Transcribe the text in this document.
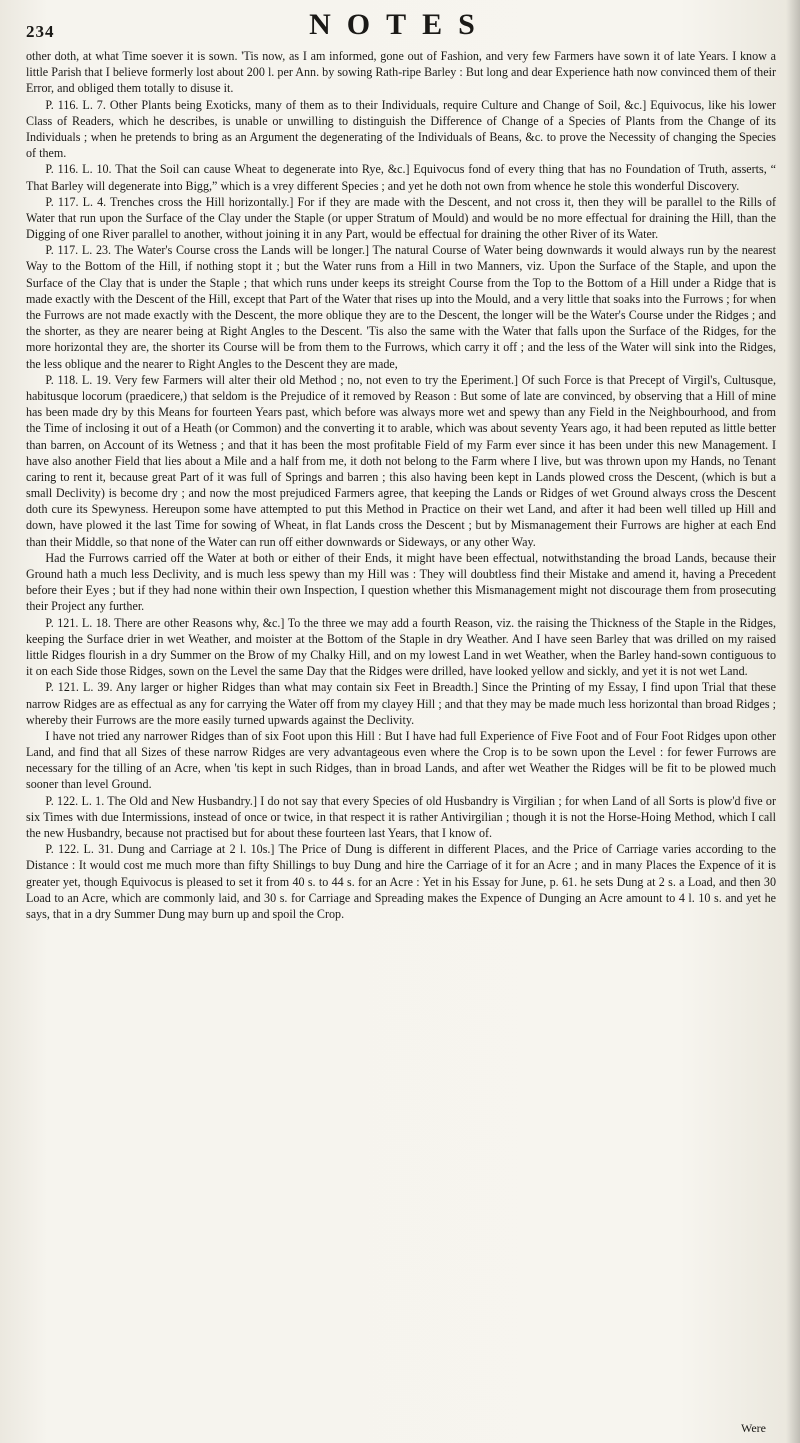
234	NOTES

other doth, at what Time soever it is sown. 'Tis now, as I am informed, gone out of Fashion, and very few Farmers have sown it of late Years. I know a little Parish that I believe formerly lost about 200 l. per Ann. by sowing Rath-ripe Barley : But long and dear Experience hath now convinced them of their Error, and obliged them totally to disuse it.

P. 116. L. 7. Other Plants being Exoticks, many of them as to their Individuals, require Culture and Change of Soil, &c.] Equivocus, like his lower Class of Readers, which he describes, is unable or unwilling to distinguish the Difference of Change of a Species of Plants from the Change of its Individuals ; when he pretends to bring as an Argument the degenerating of the Individuals of Beans, &c. to prove the Necessity of changing the Species of them.

P. 116. L. 10. That the Soil can cause Wheat to degenerate into Rye, &c.] Equivocus fond of every thing that has no Foundation of Truth, asserts, “ That Barley will degenerate into Bigg,” which is a vrey different Species ; and yet he doth not own from whence he stole this wonderful Discovery.

P. 117. L. 4. Trenches cross the Hill horizontally.] For if they are made with the Descent, and not cross it, then they will be parallel to the Rills of Water that run upon the Surface of the Clay under the Staple (or upper Stratum of Mould) and would be no more effectual for draining the Hill, than the Digging of one River parallel to another, without joining it in any Part, would be effectual for draining the other River of its Water.

P. 117. L. 23. The Water's Course cross the Lands will be longer.] The natural Course of Water being downwards it would always run by the nearest Way to the Bottom of the Hill, if nothing stopt it ; but the Water runs from a Hill in two Manners, viz. Upon the Surface of the Staple, and upon the Surface of the Clay that is under the Staple ; that which runs under keeps its streight Course from the Top to the Bottom of a Hill under a Ridge that is made exactly with the Descent of the Hill, except that Part of the Water that rises up into the Mould, and a very little that soaks into the Furrows ; for when the Furrows are not made exactly with the Descent, the more oblique they are to the Descent, the longer will be the Water's Course under the Ridges ; and the shorter, as they are nearer being at Right Angles to the Descent. 'Tis also the same with the Water that falls upon the Surface of the Ridges, for the more horizontal they are, the shorter its Course will be from them to the Furrows, which carry it off ; and the less of the Water will sink into the Ridges, the less oblique and the nearer to Right Angles to the Descent they are made,

P. 118. L. 19. Very few Farmers will alter their old Method ; no, not even to try the Eperiment.] Of such Force is that Precept of Virgil's, Cultusque, habitusque locorum (praedicere,) that seldom is the Prejudice of it removed by Reason : But some of late are convinced, by observing that a Hill of mine has been made dry by this Means for fourteen Years past, which before was always more wet and spewy than any Field in the Neighbourhood, and from the Time of inclosing it out of a Heath (or Common) and the converting it to arable, which was about seventy Years ago, it had been reputed as little better than barren, on Account of its Wetness ; and that it has been the most profitable Field of my Farm ever since it has been under this new Management. I have also another Field that lies about a Mile and a half from me, it doth not belong to the Farm where I live, but was thrown upon my Hands, no Tenant caring to rent it, because great Part of it was full of Springs and barren ; this also having been kept in Lands plowed cross the Descent, (which is but a small Declivity) is become dry ; and now the most prejudiced Farmers agree, that keeping the Lands or Ridges of wet Ground always cross the Descent doth cure its Spewyness. Hereupon some have attempted to put this Method in Practice on their wet Land, and after it had been well tilled up Hill and down, have plowed it the last Time for sowing of Wheat, in flat Lands cross the Descent ; but by Mismanagement their Furrows are higher at each End than their Middle, so that none of the Water can run off either downwards or Sideways, or any other Way.

Had the Furrows carried off the Water at both or either of their Ends, it might have been effectual, notwithstanding the broad Lands, because their Ground hath a much less Declivity, and is much less spewy than my Hill was : They will doubtless find their Mistake and amend it, having a Precedent before their Eyes ; but if they had none within their own Inspection, I question whether this Mismanagement might not discourage them from prosecuting their Project any further.

P. 121. L. 18. There are other Reasons why, &c.] To the three we may add a fourth Reason, viz. the raising the Thickness of the Staple in the Ridges, keeping the Surface drier in wet Weather, and moister at the Bottom of the Staple in dry Weather. And I have seen Barley that was drilled on my raised little Ridges flourish in a dry Summer on the Brow of my Chalky Hill, and on my lowest Land in wet Weather, when the Barley hand-sown contiguous to it on each Side those Ridges, sown on the Level the same Day that the Ridges were drilled, have looked yellow and sickly, and yet it is not wet Land.

P. 121. L. 39. Any larger or higher Ridges than what may contain six Feet in Breadth.] Since the Printing of my Essay, I find upon Trial that these narrow Ridges are as effectual as any for carrying the Water off from my clayey Hill ; and that they may be made much less horizontal than broad Ridges ; whereby their Furrows are the more easily turned upwards against the Declivity.

I have not tried any narrower Ridges than of six Foot upon this Hill : But I have had full Experience of Five Foot and of Four Foot Ridges upon other Land, and find that all Sizes of these narrow Ridges are very advantageous even where the Crop is to be sown upon the Level : for fewer Furrows are necessary for the tilling of an Acre, when 'tis kept in such Ridges, than in broad Lands, and after wet Weather the Ridges will be fit to be plowed much sooner than level Ground.

P. 122. L. 1. The Old and New Husbandry.] I do not say that every Species of old Husbandry is Virgilian ; for when Land of all Sorts is plow'd five or six Times with due Intermissions, instead of once or twice, in that respect it is rather Antivirgilian ; though it is not the Horse-Hoing Method, which I call the new Husbandry, because not practised but for about these fourteen last Years, that I know of.

P. 122. L. 31. Dung and Carriage at 2 l. 10s.] The Price of Dung is different in different Places, and the Price of Carriage varies according to the Distance : It would cost me much more than fifty Shillings to buy Dung and hire the Carriage of it for an Acre ; and in many Places the Expence of it is greater yet, though Equivocus is pleased to set it from 40 s. to 44 s. for an Acre : Yet in his Essay for June, p. 61. he sets Dung at 2 s. a Load, and then 30 Load to an Acre, which are commonly laid, and 30 s. for Carriage and Spreading makes the Expence of Dunging an Acre amount to 4 l. 10 s. and yet he says, that in a dry Summer Dung may burn up and spoil the Crop.

Were
